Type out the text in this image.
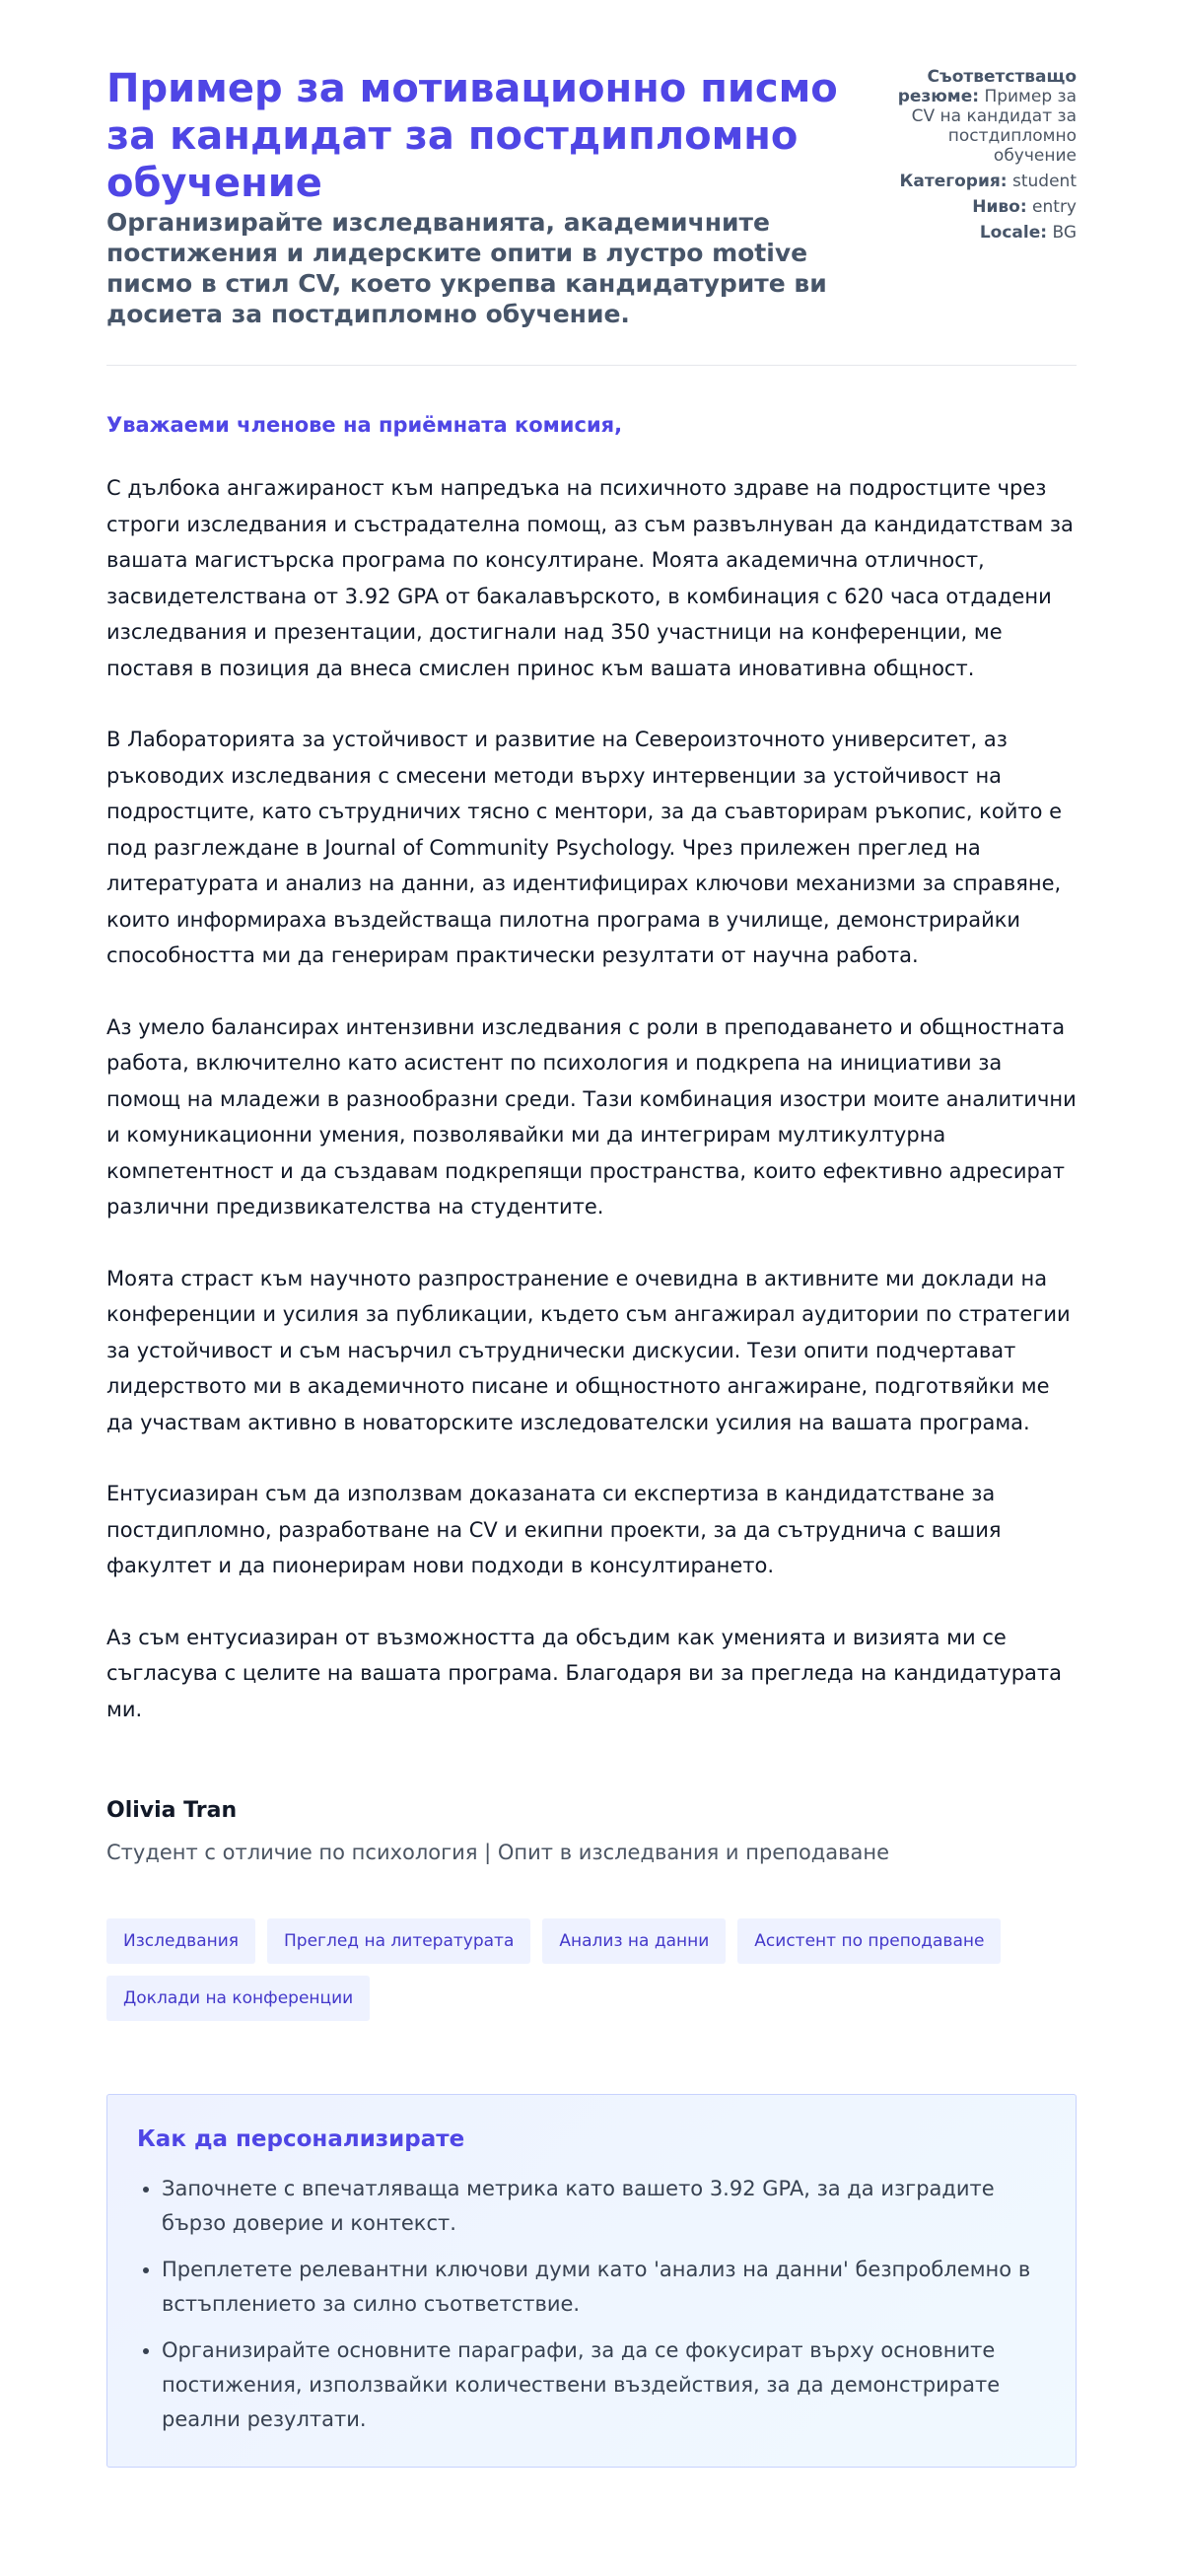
Пример за мотивационно писмо за кандидат за постдипломно обучение
Организирайте изследванията, академичните постижения и лидерските опити в лустро motive писмо в стил CV, което укрепва кандидатурите ви досиета за постдипломно обучение.
Съответстващо резюме: Пример за CV на кандидат за постдипломно обучение
Категория: student
Ниво: entry
Locale: BG

Уважаеми членове на приёмната комисия,

С дълбока ангажираност към напредъка на психичното здраве на подростците чрез строги изследвания и състрадателна помощ, аз съм развълнуван да кандидатствам за вашата магистърска програма по консултиране. Моята академична отличност, засвидетелствана от 3.92 GPA от бакалавърското, в комбинация с 620 часа отдадени изследвания и презентации, достигнали над 350 участници на конференции, ме поставя в позиция да внеса смислен принос към вашата иновативна общност.

В Лабораторията за устойчивост и развитие на Североизточното университет, аз ръководих изследвания с смесени методи върху интервенции за устойчивост на подростците, като сътрудничих тясно с ментори, за да съавторирам ръкопис, който е под разглеждане в Journal of Community Psychology. Чрез прилежен преглед на литературата и анализ на данни, аз идентифицирах ключови механизми за справяне, които информираха въздействаща пилотна програма в училище, демонстрирайки способността ми да генерирам практически резултати от научна работа.

Аз умело балансирах интензивни изследвания с роли в преподаването и общностната работа, включително като асистент по психология и подкрепа на инициативи за помощ на младежи в разнообразни среди. Тази комбинация изостри моите аналитични и комуникационни умения, позволявайки ми да интегрирам мултикултурна компетентност и да създавам подкрепящи пространства, които ефективно адресират различни предизвикателства на студентите.

Моята страст към научното разпространение е очевидна в активните ми доклади на конференции и усилия за публикации, където съм ангажирал аудитории по стратегии за устойчивост и съм насърчил сътруднически дискусии. Тези опити подчертават лидерството ми в академичното писане и общностното ангажиране, подготвяйки ме да участвам активно в новаторските изследователски усилия на вашата програма.

Ентусиазиран съм да използвам доказаната си експертиза в кандидатстване за постдипломно, разработване на CV и екипни проекти, за да сътруднича с вашия факултет и да пионерирам нови подходи в консултирането.

Аз съм ентусиазиран от възможността да обсъдим как уменията и визията ми се съгласува с целите на вашата програма. Благодаря ви за прегледа на кандидатурата ми.

Olivia Tran

Студент с отличие по психология | Опит в изследвания и преподаване

Изследвания	Преглед на литературата	Анализ на данни	Асистент по преподаване
Доклади на конференции
Как да персонализирате
• Започнете с впечатляваща метрика като вашето 3.92 GPA, за да изградите бързо доверие и контекст.
• Преплетете релевантни ключови думи като 'анализ на данни' безпроблемно в встъплението за силно съответствие.
• Организирайте основните параграфи, за да се фокусират върху основните постижения, използвайки количествени въздействия, за да демонстрирате реални резултати.
